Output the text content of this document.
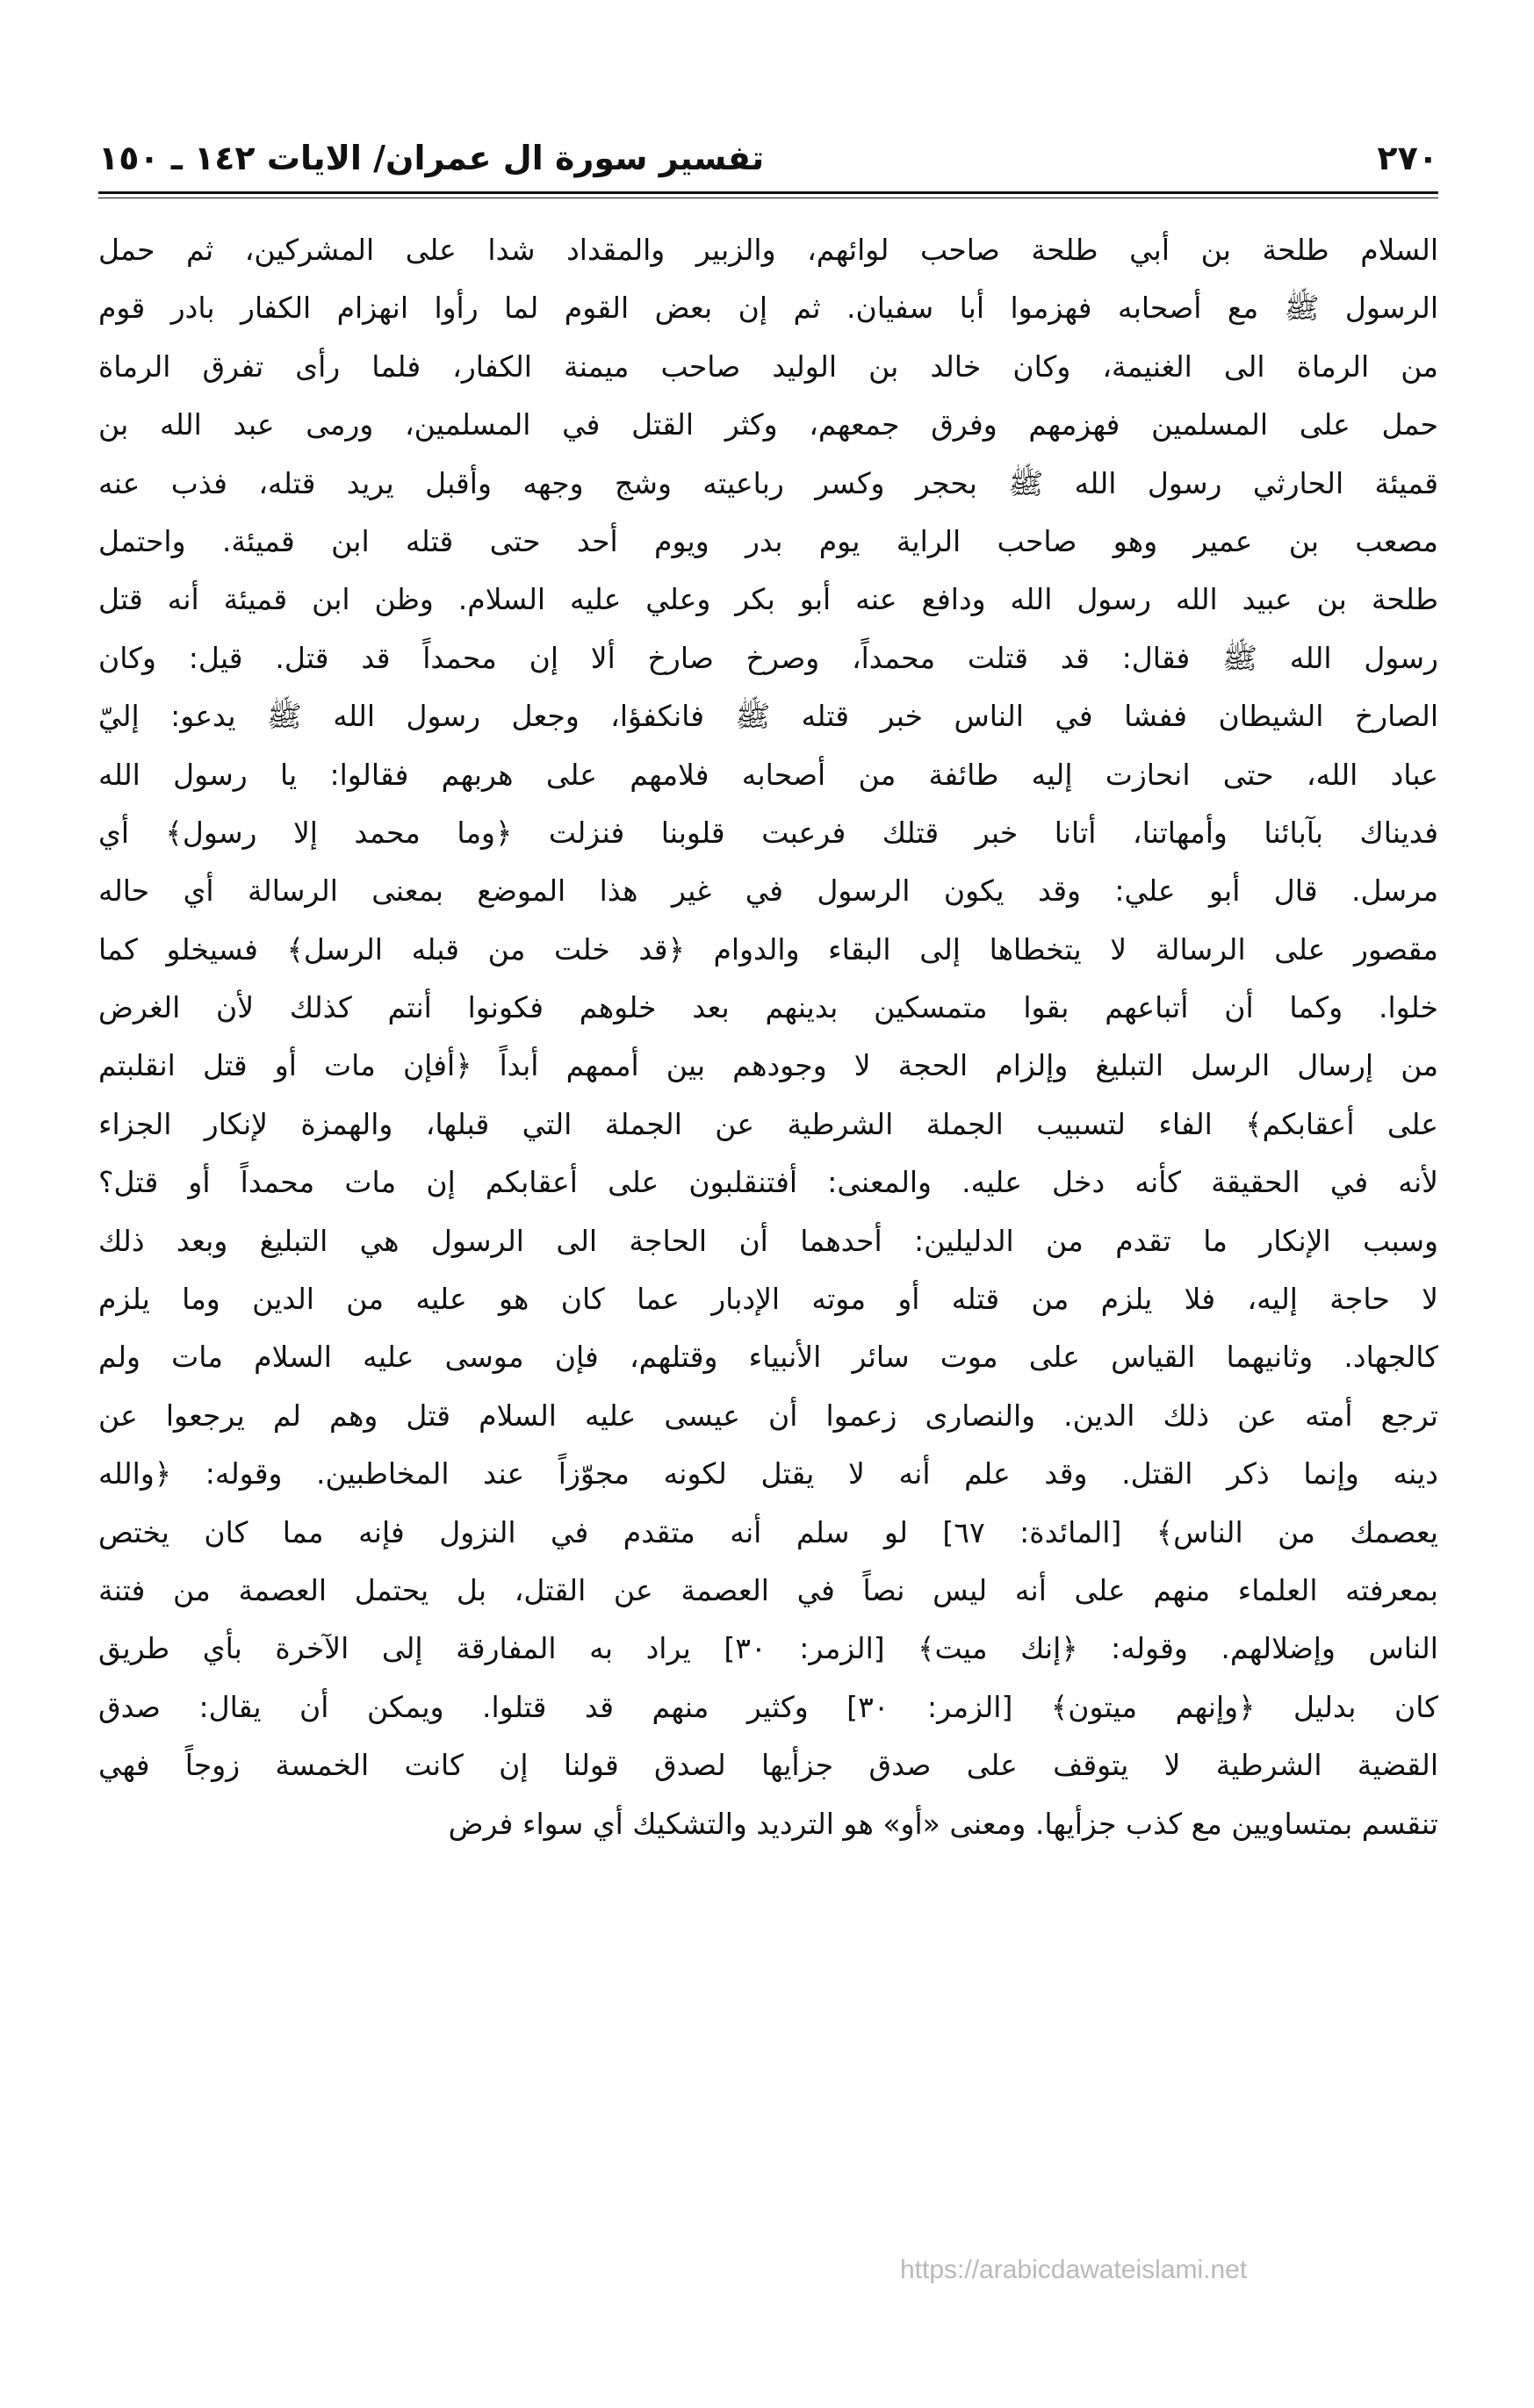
٢٧٠
تفسير سورة ال عمران/ الايات ١٤٢ ـ ١٥٠
السلام طلحة بن أبي طلحة صاحب لوائهم، والزبير والمقداد شدا على المشركين، ثم حمل
الرسول ﷺ مع أصحابه فهزموا أبا سفيان. ثم إن بعض القوم لما رأوا انهزام الكفار بادر قوم
من الرماة الى الغنيمة، وكان خالد بن الوليد صاحب ميمنة الكفار، فلما رأى تفرق الرماة
حمل على المسلمين فهزمهم وفرق جمعهم، وكثر القتل في المسلمين، ورمى عبد الله بن
قميئة الحارثي رسول الله ﷺ بحجر وكسر رباعيته وشج وجهه وأقبل يريد قتله، فذب عنه
مصعب بن عمير وهو صاحب الراية يوم بدر ويوم أحد حتى قتله ابن قميئة. واحتمل
طلحة بن عبيد الله رسول الله ودافع عنه أبو بكر وعلي عليه السلام. وظن ابن قميئة أنه قتل
رسول الله ﷺ فقال: قد قتلت محمداً، وصرخ صارخ ألا إن محمداً قد قتل. قيل: وكان
الصارخ الشيطان ففشا في الناس خبر قتله ﷺ فانكفؤا، وجعل رسول الله ﷺ يدعو: إليّ
عباد الله، حتى انحازت إليه طائفة من أصحابه فلامهم على هربهم فقالوا: يا رسول الله
فديناك بآبائنا وأمهاتنا، أتانا خبر قتلك فرعبت قلوبنا فنزلت ﴿وما محمد إلا رسول﴾ أي
مرسل. قال أبو علي: وقد يكون الرسول في غير هذا الموضع بمعنى الرسالة أي حاله
مقصور على الرسالة لا يتخطاها إلى البقاء والدوام ﴿قد خلت من قبله الرسل﴾ فسيخلو كما
خلوا. وكما أن أتباعهم بقوا متمسكين بدينهم بعد خلوهم فكونوا أنتم كذلك لأن الغرض
من إرسال الرسل التبليغ وإلزام الحجة لا وجودهم بين أممهم أبداً ﴿أفإن مات أو قتل انقلبتم
على أعقابكم﴾ الفاء لتسبيب الجملة الشرطية عن الجملة التي قبلها، والهمزة لإنكار الجزاء
لأنه في الحقيقة كأنه دخل عليه. والمعنى: أفتنقلبون على أعقابكم إن مات محمداً أو قتل؟
وسبب الإنكار ما تقدم من الدليلين: أحدهما أن الحاجة الى الرسول هي التبليغ وبعد ذلك
لا حاجة إليه، فلا يلزم من قتله أو موته الإدبار عما كان هو عليه من الدين وما يلزم
كالجهاد. وثانيهما القياس على موت سائر الأنبياء وقتلهم، فإن موسى عليه السلام مات ولم
ترجع أمته عن ذلك الدين. والنصارى زعموا أن عيسى عليه السلام قتل وهم لم يرجعوا عن
دينه وإنما ذكر القتل. وقد علم أنه لا يقتل لكونه مجوّزاً عند المخاطبين. وقوله: ﴿والله
يعصمك من الناس﴾ [المائدة: ٦٧] لو سلم أنه متقدم في النزول فإنه مما كان يختص
بمعرفته العلماء منهم على أنه ليس نصاً في العصمة عن القتل، بل يحتمل العصمة من فتنة
الناس وإضلالهم. وقوله: ﴿إنك ميت﴾ [الزمر: ٣٠] يراد به المفارقة إلى الآخرة بأي طريق
كان بدليل ﴿وإنهم ميتون﴾ [الزمر: ٣٠] وكثير منهم قد قتلوا. ويمكن أن يقال: صدق
القضية الشرطية لا يتوقف على صدق جزأيها لصدق قولنا إن كانت الخمسة زوجاً فهي
تنقسم بمتساويين مع كذب جزأيها. ومعنى «أو» هو الترديد والتشكيك أي سواء فرض
https://arabicdawateislami.net
